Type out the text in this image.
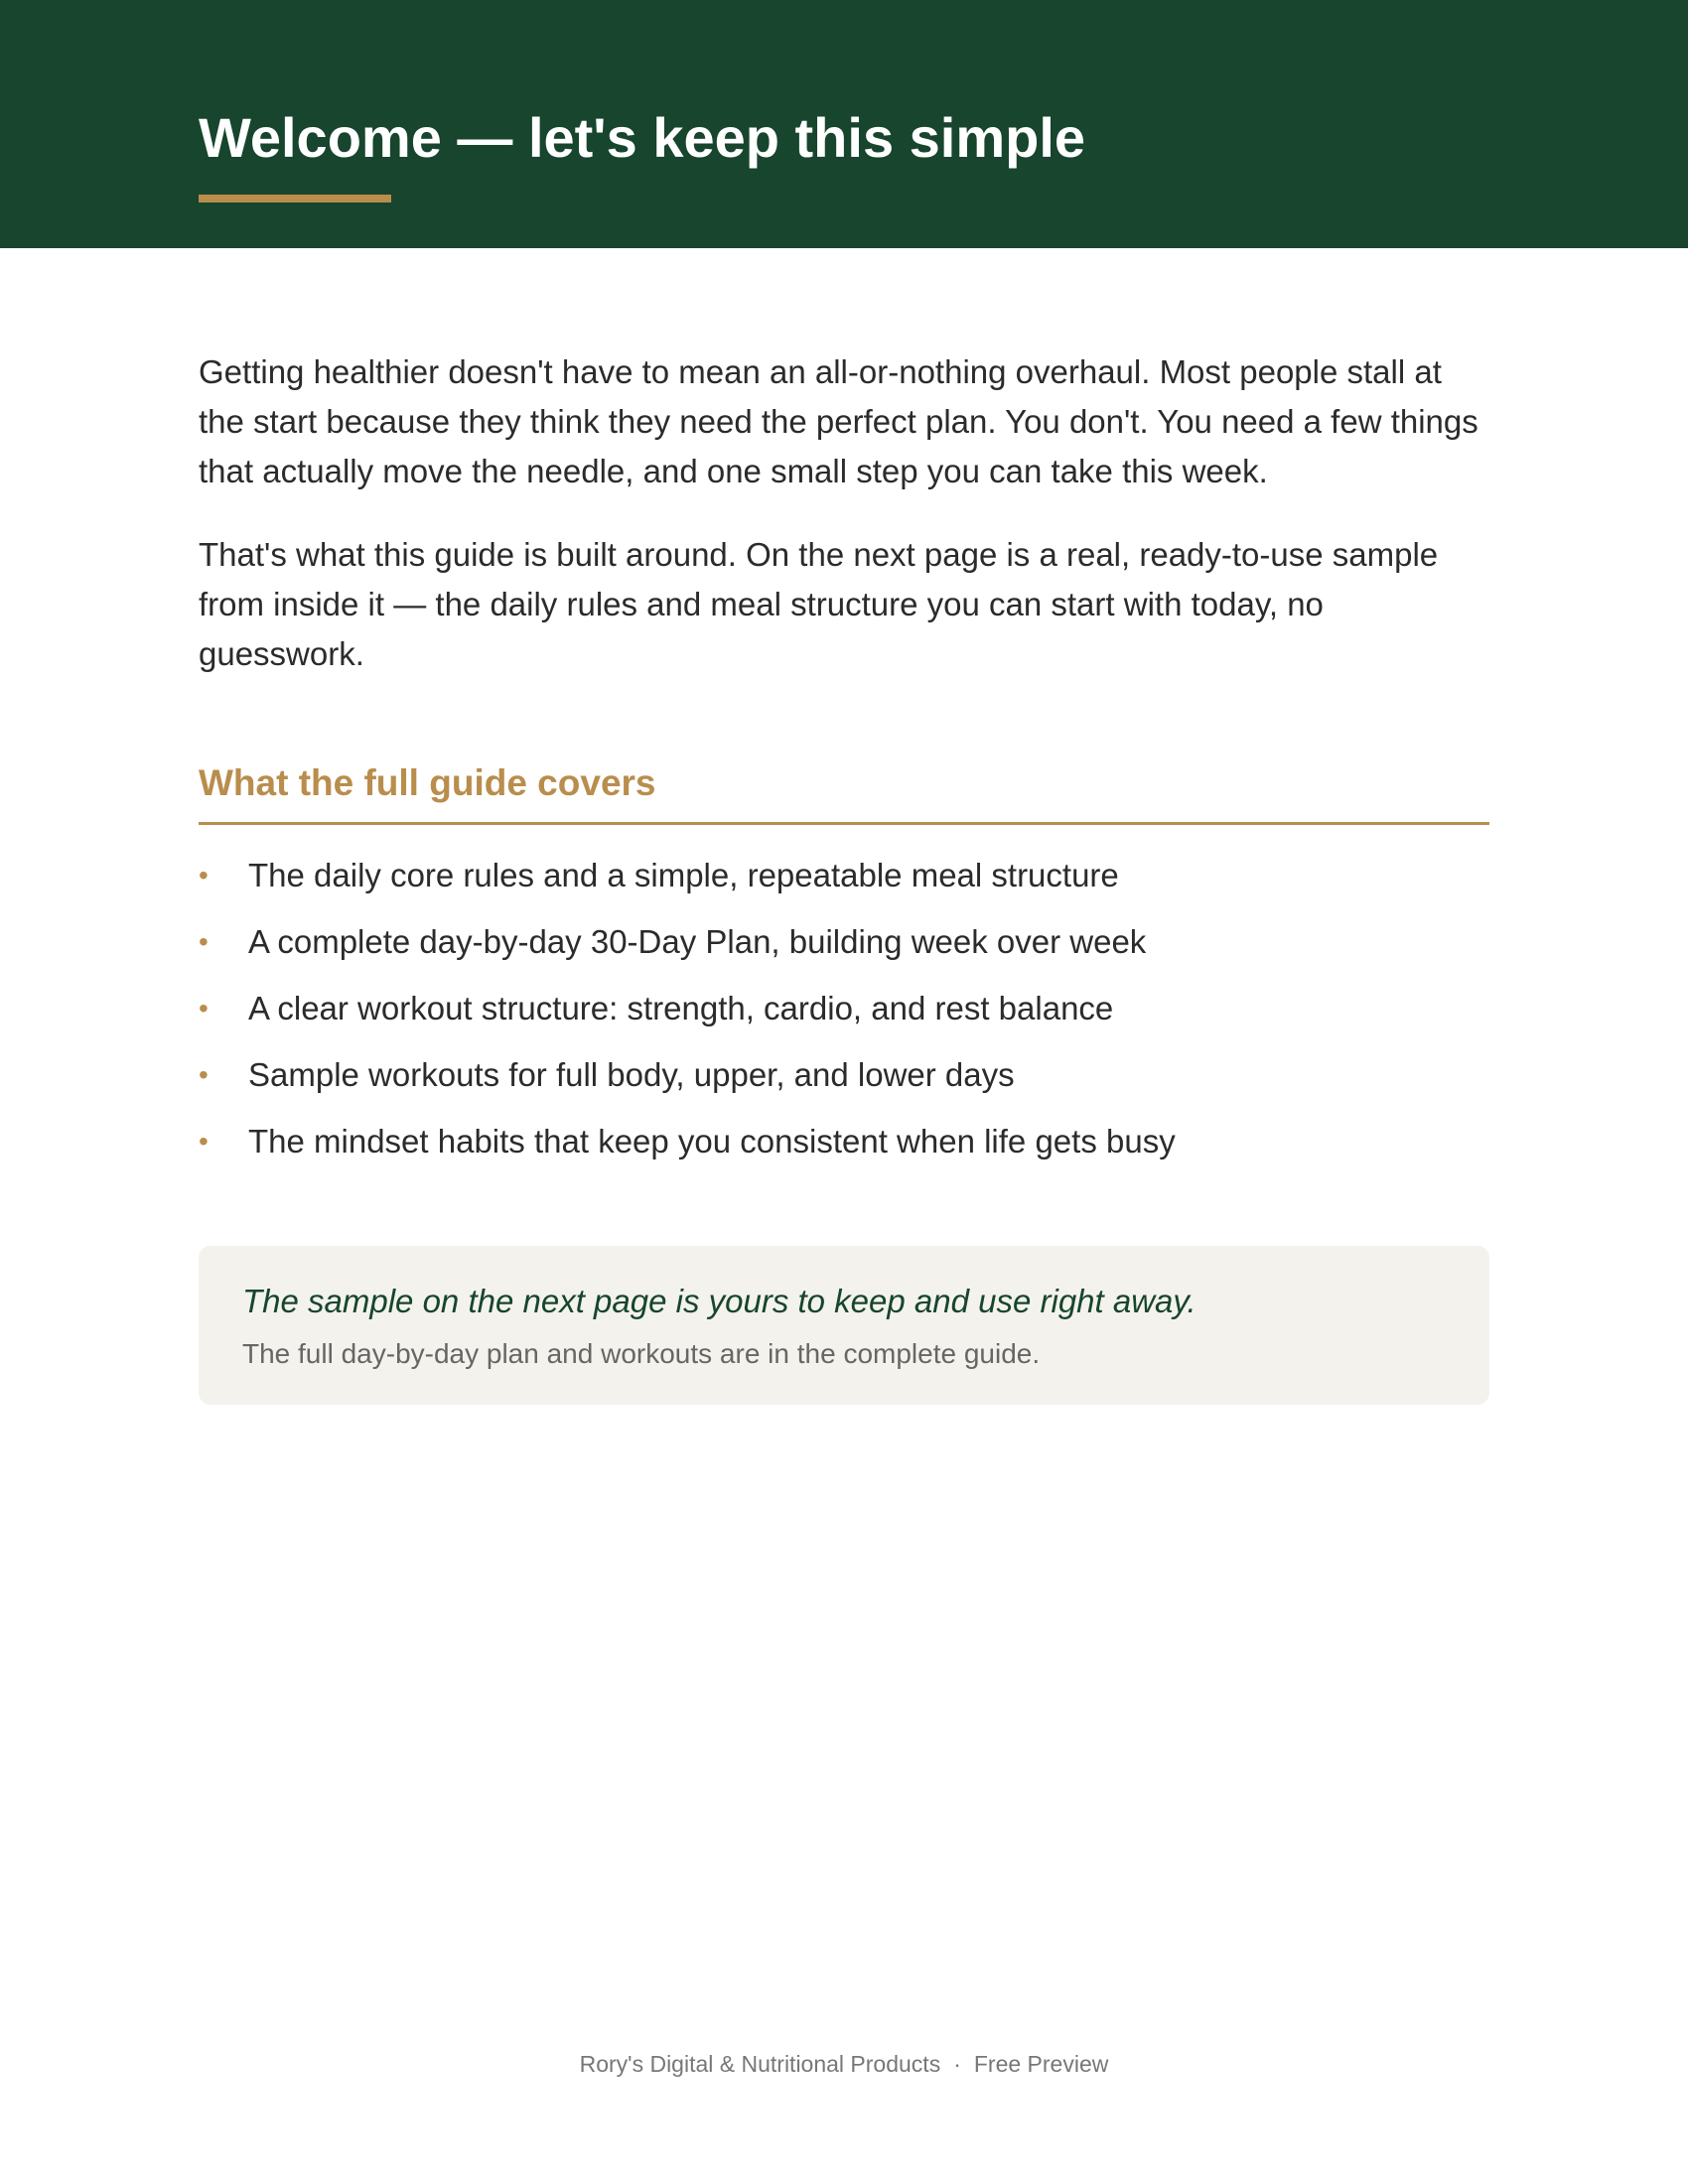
Welcome — let's keep this simple

Getting healthier doesn't have to mean an all-or-nothing overhaul. Most people stall at the start because they think they need the perfect plan. You don't. You need a few things that actually move the needle, and one small step you can take this week.

That's what this guide is built around. On the next page is a real, ready-to-use sample from inside it — the daily rules and meal structure you can start with today, no guesswork.

What the full guide covers
• The daily core rules and a simple, repeatable meal structure
• A complete day-by-day 30-Day Plan, building week over week
• A clear workout structure: strength, cardio, and rest balance
• Sample workouts for full body, upper, and lower days
• The mindset habits that keep you consistent when life gets busy

The sample on the next page is yours to keep and use right away.

The full day-by-day plan and workouts are in the complete guide.

Rory's Digital & Nutritional Products · Free Preview
